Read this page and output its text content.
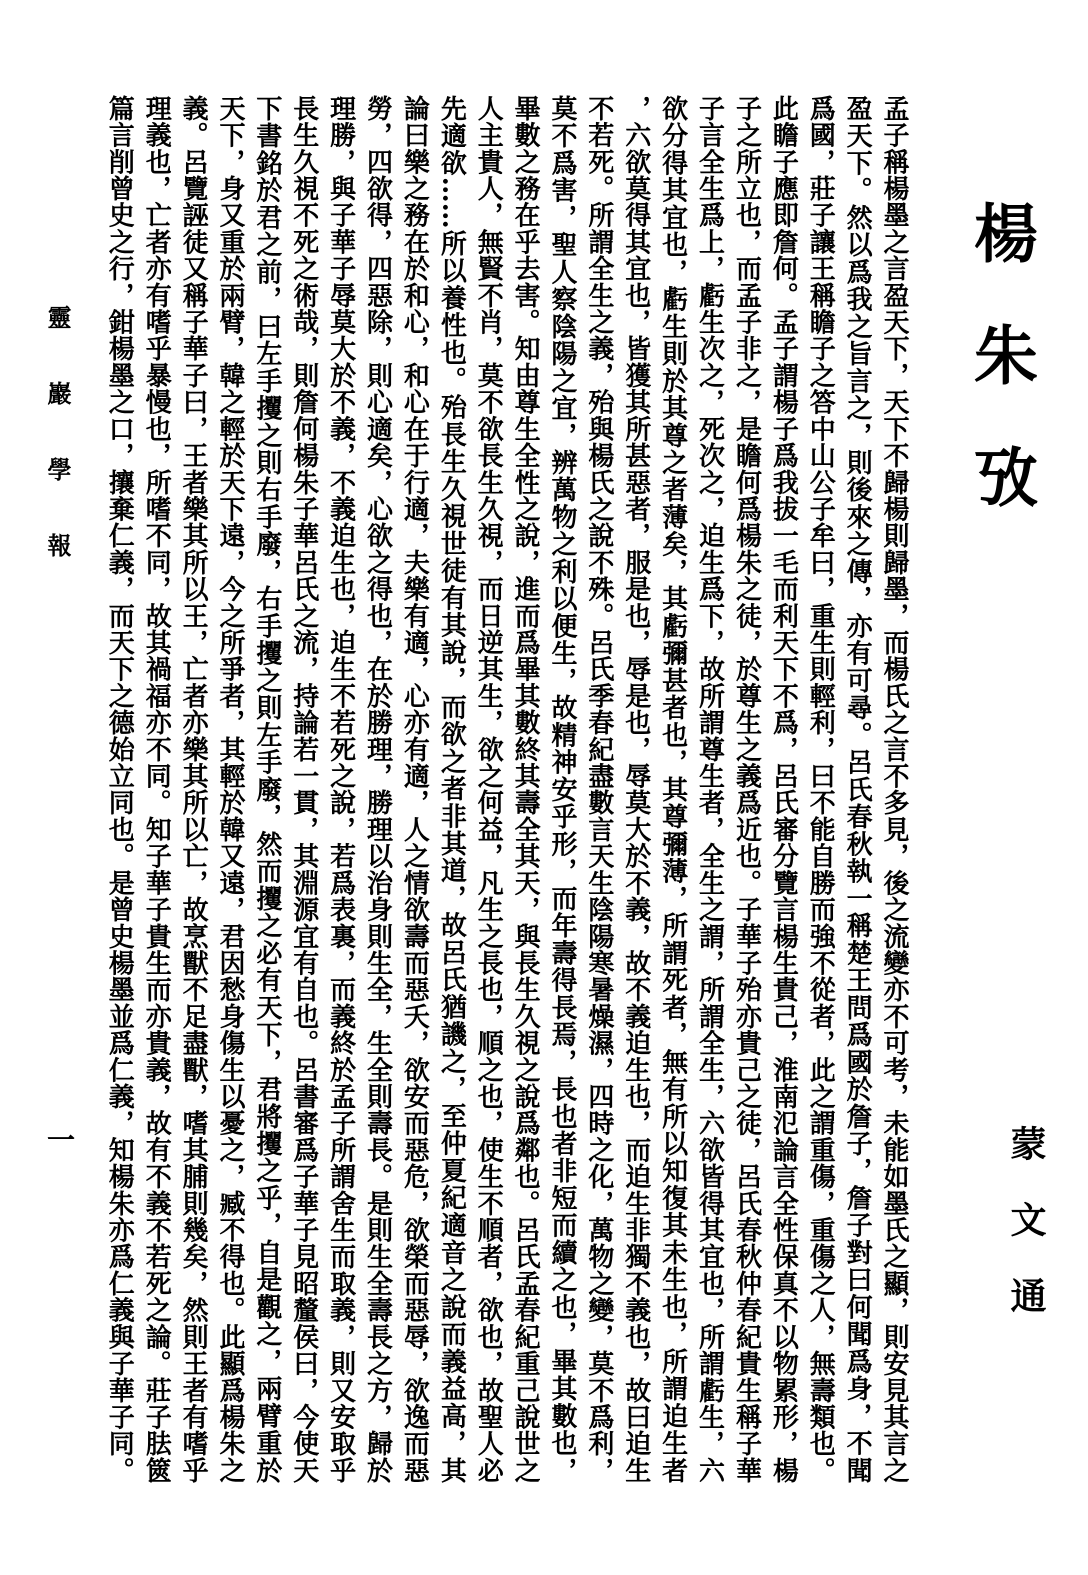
楊朱攷
蒙文通

孟子稱楊墨之言盈天下，天下不歸楊則歸墨，而楊氏之言不多見，後之流變亦不可考，未能如墨氏之顯，則安見其言之

盈天下。然以爲我之旨言之，則後來之傳，亦有可尋。呂氏春秋執一稱楚王問爲國於詹子，詹子對曰何聞爲身，不聞

爲國，莊子讓王稱瞻子之答中山公子牟曰，重生則輕利，曰不能自勝而強不從者，此之謂重傷，重傷之人，無壽類也。

此瞻子應即詹何。孟子謂楊子爲我拔一毛而利天下不爲，呂氏審分覽言楊生貴己，淮南氾論言全性保真不以物累形，楊

子之所立也，而孟子非之，是瞻何爲楊朱之徒，於尊生之義爲近也。子華子殆亦貴己之徒，呂氏春秋仲春紀貴生稱子華

子言全生爲上，虧生次之，死次之，迫生爲下，故所謂尊生者，全生之謂，所謂全生，六欲皆得其宜也，所謂虧生，六

欲分得其宜也，虧生則於其尊之者薄矣，其虧彌甚者也，其尊彌薄，所謂死者，無有所以知復其未生也，所謂迫生者

，六欲莫得其宜也，皆獲其所甚惡者，服是也，辱是也，辱莫大於不義，故不義迫生也，而迫生非獨不義也，故曰迫生

不若死。所謂全生之義，殆與楊氏之說不殊。呂氏季春紀盡數言天生陰陽寒暑燥濕，四時之化，萬物之變，莫不爲利，

莫不爲害，聖人察陰陽之宜，辨萬物之利以便生，故精神安乎形，而年壽得長焉，長也者非短而續之也，畢其數也，

畢數之務在乎去害。知由尊生全性之說，進而爲畢其數終其壽全其天，與長生久視之說爲鄰也。呂氏孟春紀重己說世之

人主貴人，無賢不肖，莫不欲長生久視，而日逆其生，欲之何益，凡生之長也，順之也，使生不順者，欲也，故聖人必

先適欲……所以養性也。殆長生久視世徒有其說，而欲之者非其道，故呂氏猶譏之，至仲夏紀適音之說而義益高，其

論曰樂之務在於和心，和心在于行適，夫樂有適，心亦有適，人之情欲壽而惡夭，欲安而惡危，欲榮而惡辱，欲逸而惡

勞，四欲得，四惡除，則心適矣，心欲之得也，在於勝理，勝理以治身則生全，生全則壽長。是則生全壽長之方，歸於

理勝，與子華子辱莫大於不義，不義迫生也，迫生不若死之說，若爲表裏，而義終於孟子所謂舍生而取義，則又安取乎

長生久視不死之術哉，則詹何楊朱子華呂氏之流，持論若一貫，其淵源宜有自也。呂書審爲子華子見昭釐侯曰，今使天

下書銘於君之前，曰左手攫之則右手廢，右手攫之則左手廢，然而攫之必有天下，君將攫之乎，自是觀之，兩臂重於

天下，身又重於兩臂，韓之輕於天下遠，今之所爭者，其輕於韓又遠，君因愁身傷生以憂之，臧不得也。此顯爲楊朱之

義。呂覽誣徒又稱子華子曰，王者樂其所以王，亡者亦樂其所以亡，故烹獸不足盡獸，嗜其脯則幾矣，然則王者有嗜乎

理義也，亡者亦有嗜乎暴慢也，所嗜不同，故其禍福亦不同。知子華子貴生而亦貴義，故有不義不若死之論。莊子胠篋

篇言削曾史之行，鉗楊墨之口，攘棄仁義，而天下之德始立同也。是曾史楊墨並爲仁義，知楊朱亦爲仁義與子華子同。

靈巖學報
一
